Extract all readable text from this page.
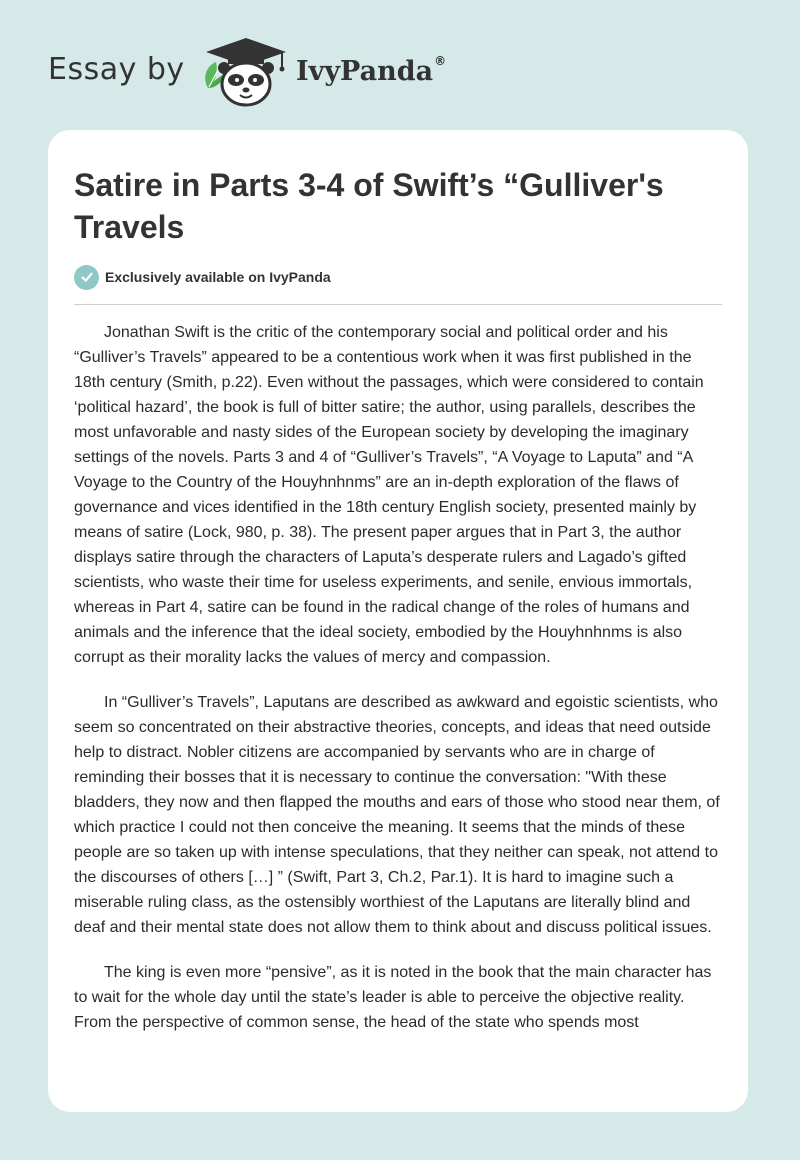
Essay by	IvyPanda®
Satire in Parts 3-4 of Swift’s “Gulliver's Travels
Exclusively available on IvyPanda

Jonathan Swift is the critic of the contemporary social and political order and his “Gulliver’s Travels” appeared to be a contentious work when it was first published in the 18th century (Smith, p.22). Even without the passages, which were considered to contain ‘political hazard’, the book is full of bitter satire; the author, using parallels, describes the most unfavorable and nasty sides of the European society by developing the imaginary settings of the novels. Parts 3 and 4 of “Gulliver’s Travels”, “A Voyage to Laputa” and “A Voyage to the Country of the Houyhnhnms” are an in-depth exploration of the flaws of governance and vices identified in the 18th century English society, presented mainly by means of satire (Lock, 980, p. 38). The present paper argues that in Part 3, the author displays satire through the characters of Laputa’s desperate rulers and Lagado’s gifted scientists, who waste their time for useless experiments, and senile, envious immortals, whereas in Part 4, satire can be found in the radical change of the roles of humans and animals and the inference that the ideal society, embodied by the Houyhnhnms is also corrupt as their morality lacks the values of mercy and compassion.

In “Gulliver’s Travels”, Laputans are described as awkward and egoistic scientists, who seem so concentrated on their abstractive theories, concepts, and ideas that need outside help to distract. Nobler citizens are accompanied by servants who are in charge of reminding their bosses that it is necessary to continue the conversation: "With these bladders, they now and then flapped the mouths and ears of those who stood near them, of which practice I could not then conceive the meaning. It seems that the minds of these people are so taken up with intense speculations, that they neither can speak, not attend to the discourses of others […] ” (Swift, Part 3, Ch.2, Par.1). It is hard to imagine such a miserable ruling class, as the ostensibly worthiest of the Laputans are literally blind and deaf and their mental state does not allow them to think about and discuss political issues.

The king is even more “pensive”, as it is noted in the book that the main character has to wait for the whole day until the state’s leader is able to perceive the objective reality. From the perspective of common sense, the head of the state who spends most
